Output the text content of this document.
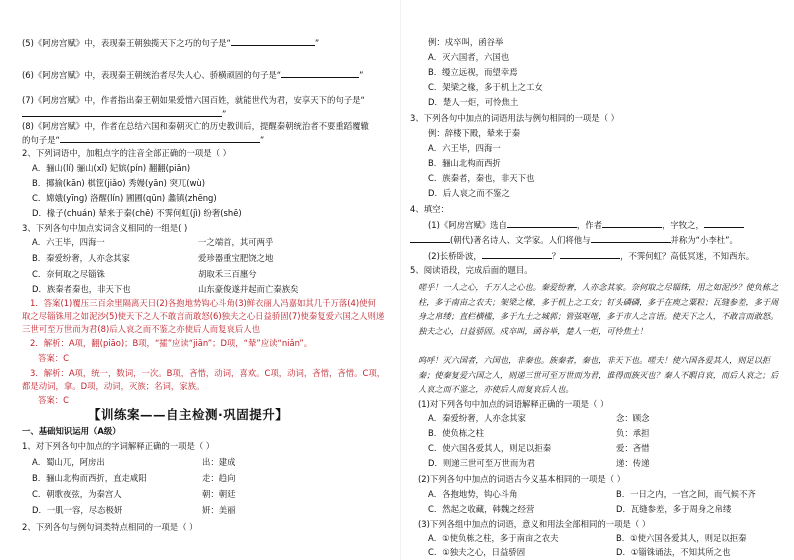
(5)《阿房宫赋》中，表现秦王朝独揽天下之巧的句子是“	”
(6)《阿房宫赋》中，表现秦王朝统治者尽失人心、骄横顽固的句子是“	”
(7)《阿房宫赋》中，作者指出秦王朝如果爱惜六国百姓，就能世代为君，安享天下的句子是“
”
(8)《阿房宫赋》中，作者在总结六国和秦朝灭亡的历史教训后，提醒秦朝统治者不要重蹈覆辙
的句子是“	”
2、下列词语中，加粗点字的注音全部正确的一项是（ ）
A．骊山(lí) 骊山(xǐ) 妃嫔(pín) 翻翻(piān)
B．揶揄(kān) 棋筐(jiǎo) 秀嫚(yān) 突兀(wù)
C．嫦娥(yīng) 洛醒(lín) 圃圃(qūn) 蠡镇(zhēng)
D．椽子(chuán) 辇来于秦(chē) 不霁何虹(jì) 纷奢(shē)
3、下列各句中加点实词含义相同的一组是( )
A．六王毕，四海一	一之端首，其可两乎
B．秦爱纷奢，人亦念其家	爱珍器重宝肥饶之地
C．奈何取之尽锱铢	胡取禾三百廛兮
D．族秦者秦也，非天下也	山东豪俊遂并起而亡秦族矣
1．答案(1)覆压三百余里隔离天日(2)各抱地势钩心斗角(3)鲜衣丽人冯嘉如其几千万落(4)使何
取之尽锱铢用之如泥沙(5)使天下之人不敢言而敢怒(6)独夫之心日益骄固(7)使秦复爱六国之人则递
三世可至万世而为君(8)后人哀之而不鉴之亦使后人而复哀后人也
2．解析：A项，翻(piāo)；B项，“攉”应读“jiān”；D项，“辇”应读“niǎn”。
答案：C
3．解析：A项，统一，数词，一次。B项，吝惜，动词，喜欢。C项，动词，吝惜，吝惜。C项，
都是动词，拿。D项，动词，灭族；名词，家族。
答案：C
【训练案——自主检测·巩固提升】
一、基础知识运用（A级）
1、对下列各句中加点的字词解释正确的一项是（ ）
A．蜀山兀，阿房出	出：建成
B．骊山北构而西折，直走咸阳	走：趋向
C．朝歌夜弦，为秦宫人	朝：朝廷
D．一肌一容，尽态极妍	妍：美丽
2、下列各句与例句词类特点相同的一项是（ ）
例：戍卒叫，函谷举
A．灭六国者，六国也
B．缦立远视，而望幸焉
C．架梁之椽，多于机上之工女
D．楚人一炬，可怜焦土
3、下列各句中加点的词语用法与例句相同的一项是（ ）
例：辞楼下殿，辇来于秦
A．六王毕，四海一
B．骊山北构而西折
C．族秦者，秦也，非天下也
D．后人哀之而不鉴之
4、填空：
(1)《阿房宫赋》选自	，作者	，字牧之，
(朝代)著名诗人、文学家。人们将他与	并称为“小李杜”。
(2)长桥卧波，	？	，不霁何虹？高低冥迷，不知西东。
5、阅读语段，完成后面的题目。
嗟乎！一人之心，千万人之心也。秦爱纷奢，人亦念其家。奈何取之尽锱铢，用之如泥沙？使负栋之柱，多于南亩之农夫；架梁之椽，多于机上之工女；钉头磷磷，多于在庾之粟粒；瓦缝参差，多于周身之帛缕；直栏横槛，多于九土之城郭；管弦呕哑，多于市人之言语。使天下之人，不敢言而敢怒。独夫之心，日益骄固。戍卒叫，函谷举，楚人一炬，可怜焦土！
呜呼！灭六国者，六国也，非秦也。族秦者，秦也，非天下也。嗟夫！使六国各爱其人，则足以拒秦；使秦复爱六国之人，则递三世可至万世而为君，谁得而族灭也？秦人不暇自哀，而后人哀之；后人哀之而不鉴之，亦使后人而复哀后人也。
(1)对下列各句中加点的词语解释正确的一项是（ ）
A．秦爱纷奢，人亦念其家	念：顾念
B．使负栋之柱	负：承担
C．使六国各爱其人，则足以拒秦	爱：吝惜
D．则递三世可至万世而为君	递：传递
(2)下列各句中加点的词语古今义基本相同的一项是（ ）
A．各抱地势，钩心斗角	B．一日之内，一宫之间，而气候不齐
C．然起之收藏，韩魏之经营	D．瓦缝参差，多于周身之帛缕
(3)下列各组中加点的词语，意义和用法全部相同的一项是（ ）
A．①使负栋之柱，多于南亩之农夫	B．①使六国各爱其人，则足以拒秦
C．①独夫之心，日益骄固	D．①锱铢诵法，不知其所之也
